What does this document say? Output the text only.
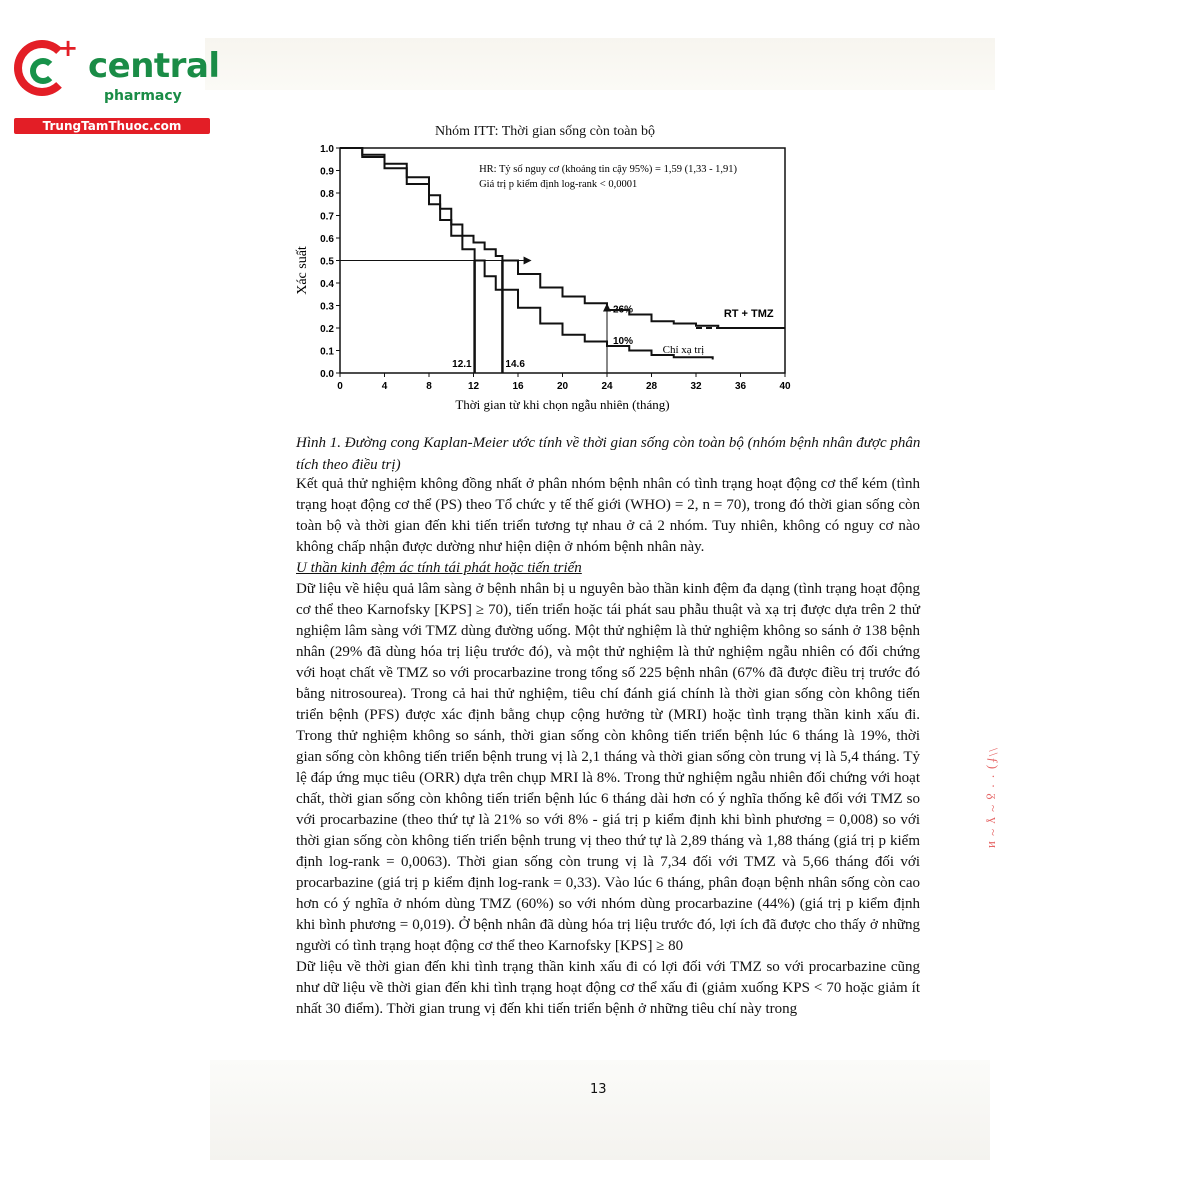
+ central
pharmacy
TrungTamThuoc.com	Nhóm ITT: Thời gian sống còn toàn bộ
0.0
0.1
0.2
0.3
0.4
0.5
0.6
0.7
0.8
0.9
1.0
0	4	8	12	16	20	24	28	32	36	40
Thời gian từ khi chọn ngẫu nhiên (tháng)
Xác suất
HR: Tỷ số nguy cơ (khoảng tin cậy 95%) = 1,59 (1,33 - 1,91)
Giá trị p kiểm định log-rank < 0,0001
12.1	14.6
26%
10%
RT + TMZ
Chỉ xạ trị
Hình 1. Đường cong Kaplan-Meier ước tính về thời gian sống còn toàn bộ (nhóm bệnh nhân được phân tích theo điều trị)

Kết quả thử nghiệm không đồng nhất ở phân nhóm bệnh nhân có tình trạng hoạt động cơ thể kém (tình trạng hoạt động cơ thể (PS) theo Tổ chức y tế thế giới (WHO) = 2, n = 70), trong đó thời gian sống còn toàn bộ và thời gian đến khi tiến triển tương tự nhau ở cả 2 nhóm. Tuy nhiên, không có nguy cơ nào không chấp nhận được dường như hiện diện ở nhóm bệnh nhân này.

U thần kinh đệm ác tính tái phát hoặc tiến triển

Dữ liệu về hiệu quả lâm sàng ở bệnh nhân bị u nguyên bào thần kinh đệm đa dạng (tình trạng hoạt động cơ thể theo Karnofsky [KPS] ≥ 70), tiến triển hoặc tái phát sau phẫu thuật và xạ trị được dựa trên 2 thử nghiệm lâm sàng với TMZ dùng đường uống. Một thử nghiệm là thử nghiệm không so sánh ở 138 bệnh nhân (29% đã dùng hóa trị liệu trước đó), và một thử nghiệm là thử nghiệm ngẫu nhiên có đối chứng với hoạt chất về TMZ so với procarbazine trong tổng số 225 bệnh nhân (67% đã được điều trị trước đó bằng nitrosourea). Trong cả hai thử nghiệm, tiêu chí đánh giá chính là thời gian sống còn không tiến triển bệnh (PFS) được xác định bằng chụp cộng hưởng từ (MRI) hoặc tình trạng thần kinh xấu đi. Trong thử nghiệm không so sánh, thời gian sống còn không tiến triển bệnh lúc 6 tháng là 19%, thời gian sống còn không tiến triển bệnh trung vị là 2,1 tháng và thời gian sống còn trung vị là 5,4 tháng. Tỷ lệ đáp ứng mục tiêu (ORR) dựa trên chụp MRI là 8%. Trong thử nghiệm ngẫu nhiên đối chứng với hoạt chất, thời gian sống còn không tiến triển bệnh lúc 6 tháng dài hơn có ý nghĩa thống kê đối với TMZ so với procarbazine (theo thứ tự là 21% so với 8% - giá trị p kiểm định khi bình phương = 0,008) so với thời gian sống còn không tiến triển bệnh trung vị theo thứ tự là 2,89 tháng và 1,88 tháng (giá trị p kiểm định log-rank = 0,0063). Thời gian sống còn trung vị là 7,34 đối với TMZ và 5,66 tháng đối với procarbazine (giá trị p kiểm định log-rank = 0,33). Vào lúc 6 tháng, phân đoạn bệnh nhân sống còn cao hơn có ý nghĩa ở nhóm dùng TMZ (60%) so với nhóm dùng procarbazine (44%) (giá trị p kiểm định khi bình phương = 0,019). Ở bệnh nhân đã dùng hóa trị liệu trước đó, lợi ích đã được cho thấy ở những người có tình trạng hoạt động cơ thể theo Karnofsky [KPS] ≥ 80

Dữ liệu về thời gian đến khi tình trạng thần kinh xấu đi có lợi đối với TMZ so với procarbazine cũng như dữ liệu về thời gian đến khi tình trạng hoạt động cơ thể xấu đi (giảm xuống KPS < 70 hoặc giảm ít nhất 30 điểm). Thời gian trung vị đến khi tiến triển bệnh ở những tiêu chí này trong

13
\\ƒ) · · ᵹ ~ ɣ ~ ᴎ
